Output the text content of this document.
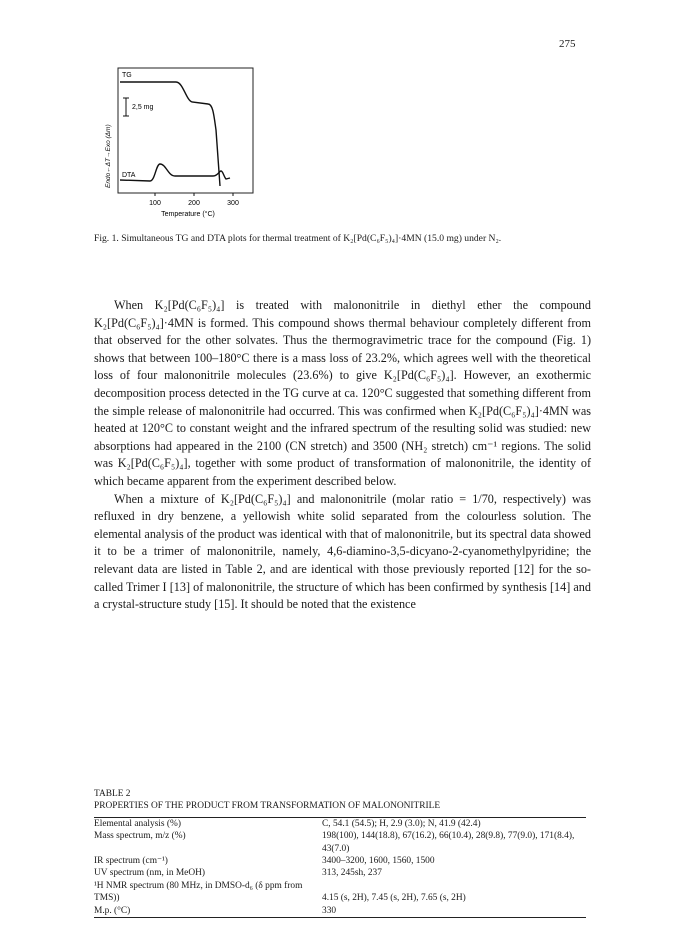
275
2,5 mg
TG
DTA
100	200	300
Temperature (°C)
Endo←ΔT→Exo (Δm)
Fig. 1. Simultaneous TG and DTA plots for thermal treatment of K₂[Pd(C₆F₅)₄]·4MN (15.0 mg) under N₂.

When K₂[Pd(C₆F₅)₄] is treated with malononitrile in diethyl ether the compound K₂[Pd(C₆F₅)₄]·4MN is formed. This compound shows thermal behaviour completely different from that observed for the other solvates. Thus the thermogravimetric trace for the compound (Fig. 1) shows that between 100–180°C there is a mass loss of 23.2%, which agrees well with the theoretical loss of four malononitrile molecules (23.6%) to give K₂[Pd(C₆F₅)₄]. However, an exothermic decomposition process detected in the TG curve at ca. 120°C suggested that something different from the simple release of malononitrile had occurred. This was confirmed when K₂[Pd(C₆F₅)₄]·4MN was heated at 120°C to constant weight and the infrared spectrum of the resulting solid was studied: new absorptions had appeared in the 2100 (CN stretch) and 3500 (NH₂ stretch) cm⁻¹ regions. The solid was K₂[Pd(C₆F₅)₄], together with some product of transformation of malononitrile, the identity of which became apparent from the experiment described below.

When a mixture of K₂[Pd(C₆F₅)₄] and malononitrile (molar ratio = 1/70, respectively) was refluxed in dry benzene, a yellowish white solid separated from the colourless solution. The elemental analysis of the product was identical with that of malononitrile, but its spectral data showed it to be a trimer of malononitrile, namely, 4,6-diamino-3,5-dicyano-2-cyanomethylpyridine; the relevant data are listed in Table 2, and are identical with those previously reported [12] for the so-called Trimer I [13] of malononitrile, the structure of which has been confirmed by synthesis [14] and a crystal-structure study [15]. It should be noted that the existence

TABLE 2

PROPERTIES OF THE PRODUCT FROM TRANSFORMATION OF MALONONITRILE

Elemental analysis (%)	C, 54.1 (54.5); H, 2.9 (3.0); N, 41.9 (42.4)
Mass spectrum, m/z (%)	198(100), 144(18.8), 67(16.2), 66(10.4), 28(9.8), 77(9.0), 171(8.4), 43(7.0)
IR spectrum (cm⁻¹)	3400–3200, 1600, 1560, 1500
UV spectrum (nm, in MeOH)	313, 245sh, 237
¹H NMR spectrum (80 MHz, in DMSO-d₆ (δ ppm from TMS))	4.15 (s, 2H), 7.45 (s, 2H), 7.65 (s, 2H)
M.p. (°C)	330
